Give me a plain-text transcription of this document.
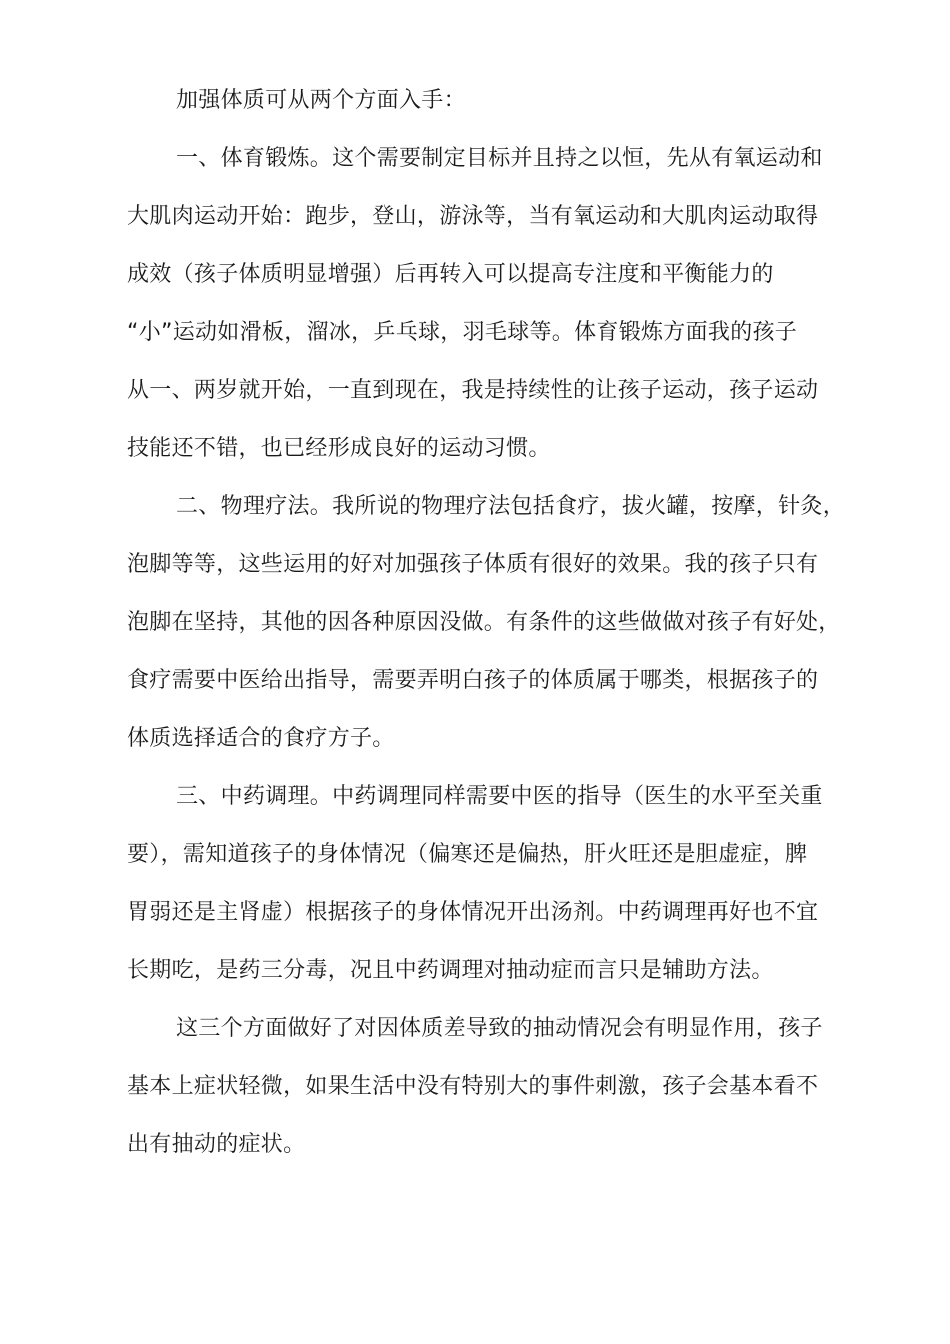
加强体质可从两个方面入手：
一、体育锻炼。这个需要制定目标并且持之以恒，先从有氧运动和
大肌肉运动开始：跑步，登山，游泳等，当有氧运动和大肌肉运动取得
成效（孩子体质明显增强）后再转入可以提高专注度和平衡能力的
“小”运动如滑板，溜冰，乒乓球，羽毛球等。体育锻炼方面我的孩子
从一、两岁就开始，一直到现在，我是持续性的让孩子运动，孩子运动
技能还不错，也已经形成良好的运动习惯。
二、物理疗法。我所说的物理疗法包括食疗，拔火罐，按摩，针灸，
泡脚等等，这些运用的好对加强孩子体质有很好的效果。我的孩子只有
泡脚在坚持，其他的因各种原因没做。有条件的这些做做对孩子有好处，
食疗需要中医给出指导，需要弄明白孩子的体质属于哪类，根据孩子的
体质选择适合的食疗方子。
三、中药调理。中药调理同样需要中医的指导（医生的水平至关重
要），需知道孩子的身体情况（偏寒还是偏热，肝火旺还是胆虚症，脾
胃弱还是主肾虚）根据孩子的身体情况开出汤剂。中药调理再好也不宜
长期吃，是药三分毒，况且中药调理对抽动症而言只是辅助方法。
这三个方面做好了对因体质差导致的抽动情况会有明显作用，孩子
基本上症状轻微，如果生活中没有特别大的事件刺激，孩子会基本看不
出有抽动的症状。
